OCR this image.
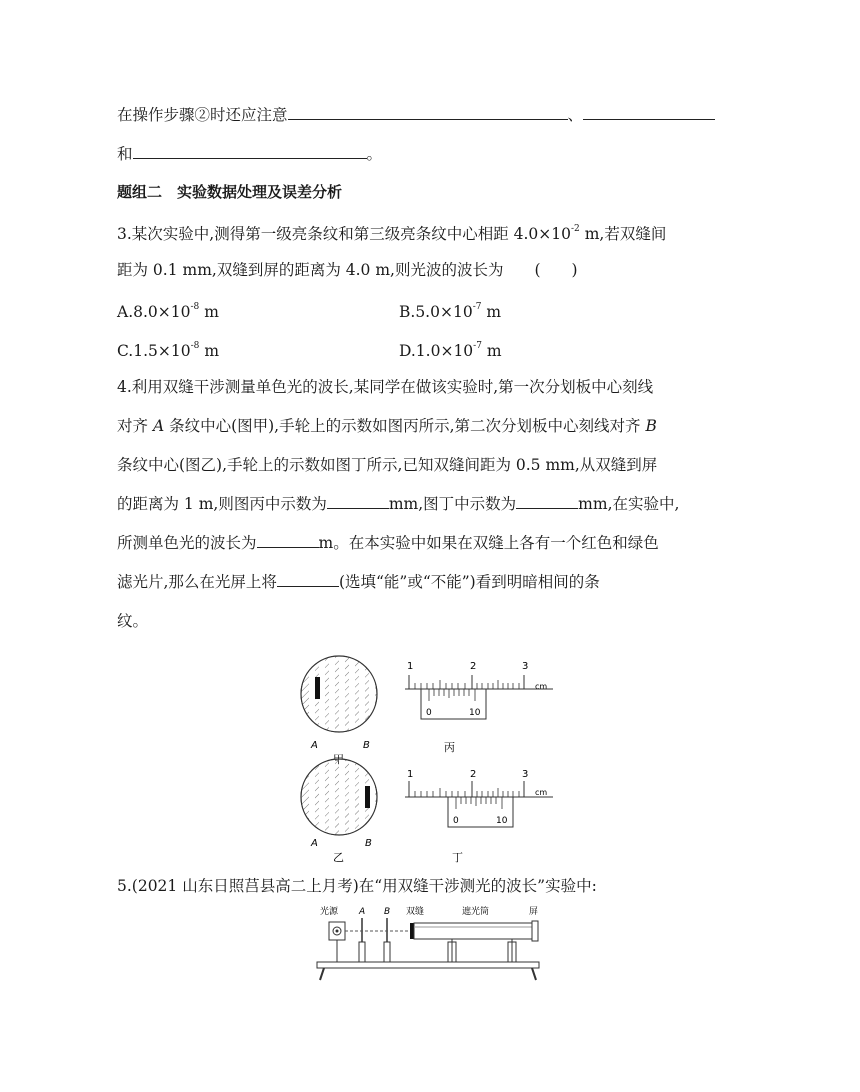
在操作步骤②时还应注意	、
和	。
题组二　实验数据处理及误差分析
3.某次实验中,测得第一级亮条纹和第三级亮条纹中心相距 $4.0\times 10^{-2}$ m,若双缝间
距为 0.1 mm,双缝到屏的距离为 4.0 m,则光波的波长为　　(　　)
$A.8.0\times 10^{-8}$ m	$B.5.0\times 10^{-7}$ m
$C.1.5\times 10^{-8}$ m	$D.1.0\times 10^{-7}$ m
4.利用双缝干涉测量单色光的波长,某同学在做该实验时,第一次分划板中心刻线
对齐 A 条纹中心(图甲),手轮上的示数如图丙所示,第二次分划板中心刻线对齐 B
条纹中心(图乙),手轮上的示数如图丁所示,已知双缝间距为 0.5 mm,从双缝到屏
的距离为 1 m,则图丙中示数为	mm,图丁中示数为	mm,在实验中,
所测单色光的波长为	m。在本实验中如果在双缝上各有一个红色和绿色
滤光片,那么在光屏上将	(选填“能”或“不能”)看到明暗相间的条
纹。
A	B
1	2	3
cm
0	10
丙
A	B
乙
1	2	3
cm
0	10
丁
5.(2021 山东日照莒县高二上月考)在“用双缝干涉测光的波长”实验中:
光源 A B 双缝	遮光筒	屏
